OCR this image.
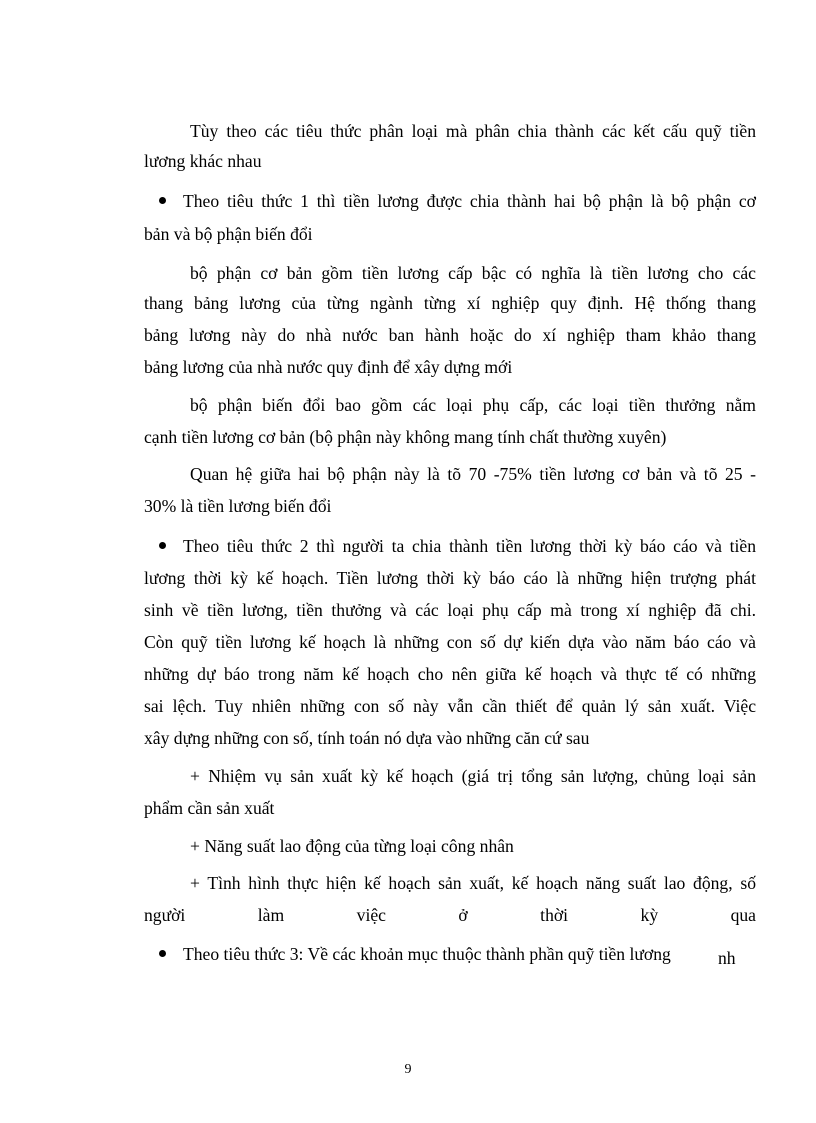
Tùy theo các tiêu thức phân loại mà phân chia thành các kết cấu quỹ tiền
lương khác nhau
Theo tiêu thức 1 thì tiền lương được chia thành hai bộ phận là bộ phận cơ
bản và bộ phận biến đổi
bộ phận cơ bản gồm tiền lương cấp bậc có nghĩa là tiền lương cho các
thang bảng lương của từng ngành từng xí nghiệp quy định. Hệ thống thang
bảng lương này do nhà nước ban hành hoặc do xí nghiệp tham khảo thang
bảng lương của nhà nước quy định để xây dựng mới
bộ phận biến đổi bao gồm các loại phụ cấp, các loại tiền thưởng nằm
cạnh tiền lương cơ bản (bộ phận này không mang tính chất thường xuyên)
Quan hệ giữa hai bộ phận này là tõ 70 -75% tiền lương cơ bản và tõ 25 -
30% là tiền lương biến đổi
Theo tiêu thức 2 thì người ta chia thành tiền lương thời kỳ báo cáo và tiền
lương thời kỳ kế hoạch. Tiền lương thời kỳ báo cáo là những hiện trượng phát
sinh về tiền lương, tiền thưởng và các loại phụ cấp mà trong xí nghiệp đã chi.
Còn quỹ tiền lương kế hoạch là những con số dự kiến dựa vào năm báo cáo và
những dự báo trong năm kế hoạch cho nên giữa kế hoạch và thực tế có những
sai lệch. Tuy nhiên những con số này vẫn cần thiết để quản lý sản xuất. Việc
xây dựng những con số, tính toán nó dựa vào những căn cứ sau
+ Nhiệm vụ sản xuất kỳ kế hoạch (giá trị tổng sản lượng, chủng loại sản
phẩm cần sản xuất
+ Năng suất lao động của từng loại công nhân
+ Tình hình thực hiện kế hoạch sản xuất, kế hoạch năng suất lao động, số
người làm việc ở thời kỳ qua
Theo tiêu thức 3: Về các khoản mục thuộc thành phần quỹ tiền lương	nh
9
